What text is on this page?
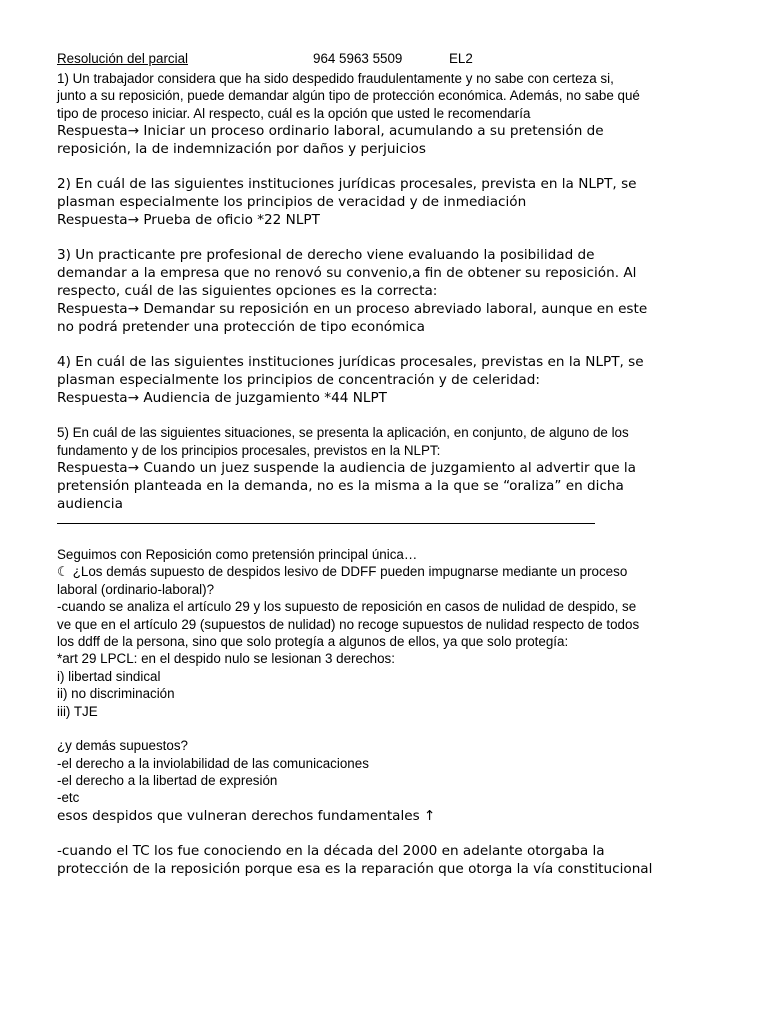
Resolución del parcial	964 5963 5509	EL2
1) Un trabajador considera que ha sido despedido fraudulentamente y no sabe con certeza si,
junto a su reposición, puede demandar algún tipo de protección económica. Además, no sabe qué
tipo de proceso iniciar. Al respecto, cuál es la opción que usted le recomendaría
Respuesta→ Iniciar un proceso ordinario laboral, acumulando a su pretensión de
reposición, la de indemnización por daños y perjuicios
2) En cuál de las siguientes instituciones jurídicas procesales, prevista en la NLPT, se
plasman especialmente los principios de veracidad y de inmediación
Respuesta→ Prueba de oficio *22 NLPT
3) Un practicante pre profesional de derecho viene evaluando la posibilidad de
demandar a la empresa que no renovó su convenio,a fin de obtener su reposición. Al
respecto, cuál de las siguientes opciones es la correcta:
Respuesta→ Demandar su reposición en un proceso abreviado laboral, aunque en este
no podrá pretender una protección de tipo económica
4) En cuál de las siguientes instituciones jurídicas procesales, previstas en la NLPT, se
plasman especialmente los principios de concentración y de celeridad:
Respuesta→ Audiencia de juzgamiento *44 NLPT
5) En cuál de las siguientes situaciones, se presenta la aplicación, en conjunto, de alguno de los
fundamento y de los principios procesales, previstos en la NLPT:
Respuesta→ Cuando un juez suspende la audiencia de juzgamiento al advertir que la
pretensión planteada en la demanda, no es la misma a la que se “oraliza” en dicha
audiencia
Seguimos con Reposición como pretensión principal única…
☾ ¿Los demás supuesto de despidos lesivo de DDFF pueden impugnarse mediante un proceso
laboral (ordinario-laboral)?
-cuando se analiza el artículo 29 y los supuesto de reposición en casos de nulidad de despido, se
ve que en el artículo 29 (supuestos de nulidad) no recoge supuestos de nulidad respecto de todos
los ddff de la persona, sino que solo protegía a algunos de ellos, ya que solo protegía:
*art 29 LPCL: en el despido nulo se lesionan 3 derechos:
i) libertad sindical
ii) no discriminación
iii) TJE
¿y demás supuestos?
-el derecho a la inviolabilidad de las comunicaciones
-el derecho a la libertad de expresión
-etc
esos despidos que vulneran derechos fundamentales ↑
-cuando el TC los fue conociendo en la década del 2000 en adelante otorgaba la
protección de la reposición porque esa es la reparación que otorga la vía constitucional
